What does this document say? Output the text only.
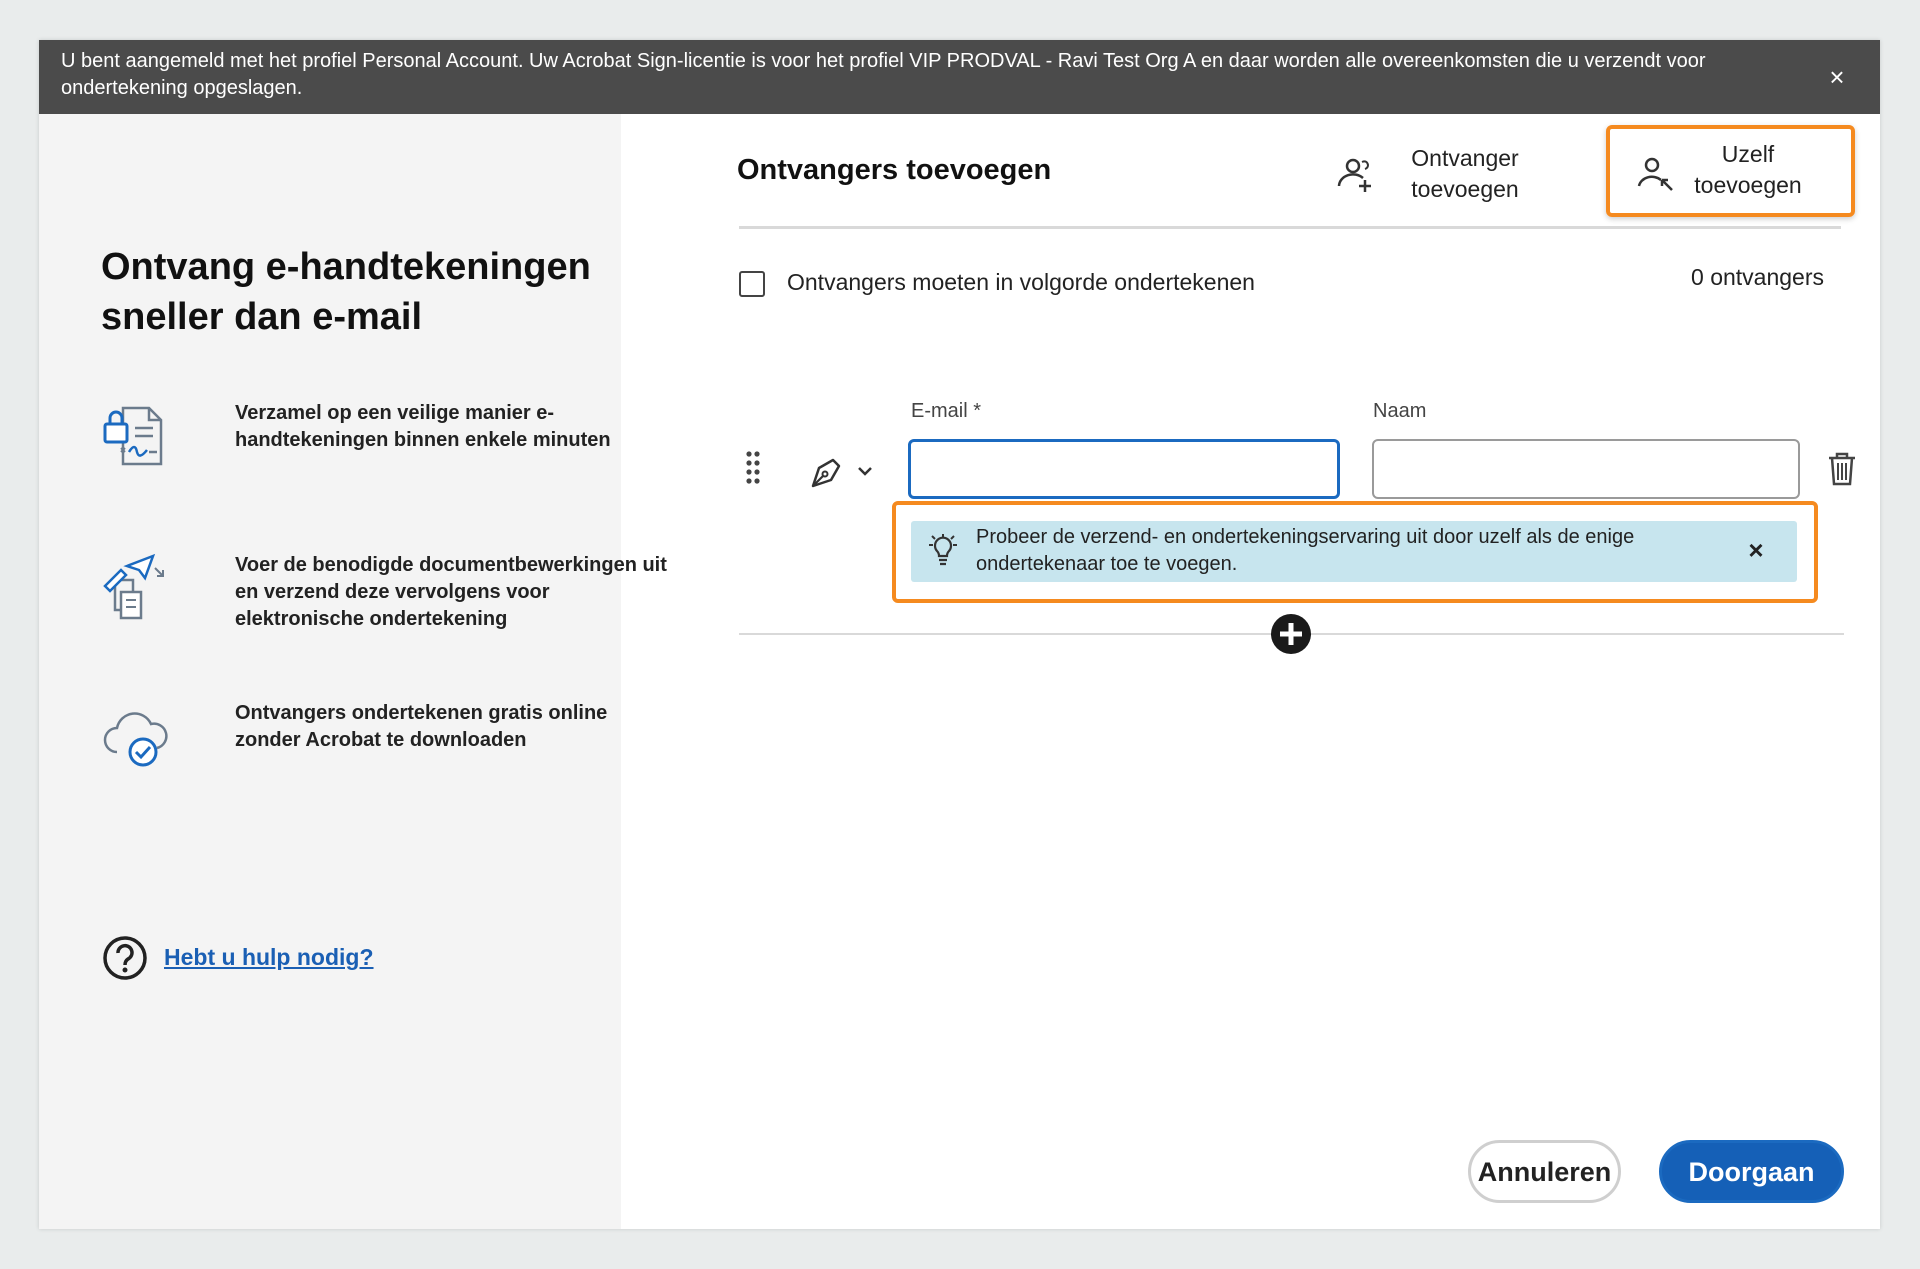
U bent aangemeld met het profiel Personal Account. Uw Acrobat Sign-licentie is voor het profiel VIP PRODVAL - Ravi Test Org A en daar worden alle overeenkomsten die u verzendt voor ondertekening opgeslagen.	×
Ontvang e-handtekeningen sneller dan e-mail
Verzamel op een veilige manier e-handtekeningen binnen enkele minuten
Voer de benodigde documentbewerkingen uit en verzend deze vervolgens voor elektronische ondertekening
Ontvangers ondertekenen gratis online zonder Acrobat te downloaden
Hebt u hulp nodig?
Ontvangers toevoegen	Ontvanger toevoegen
Uzelf toevoegen
Ontvangers moeten in volgorde ondertekenen	0 ontvangers
E-mail *	Naam
Probeer de verzend- en ondertekeningservaring uit door uzelf als de enige ondertekenaar toe te voegen.	×
Annuleren	Doorgaan
